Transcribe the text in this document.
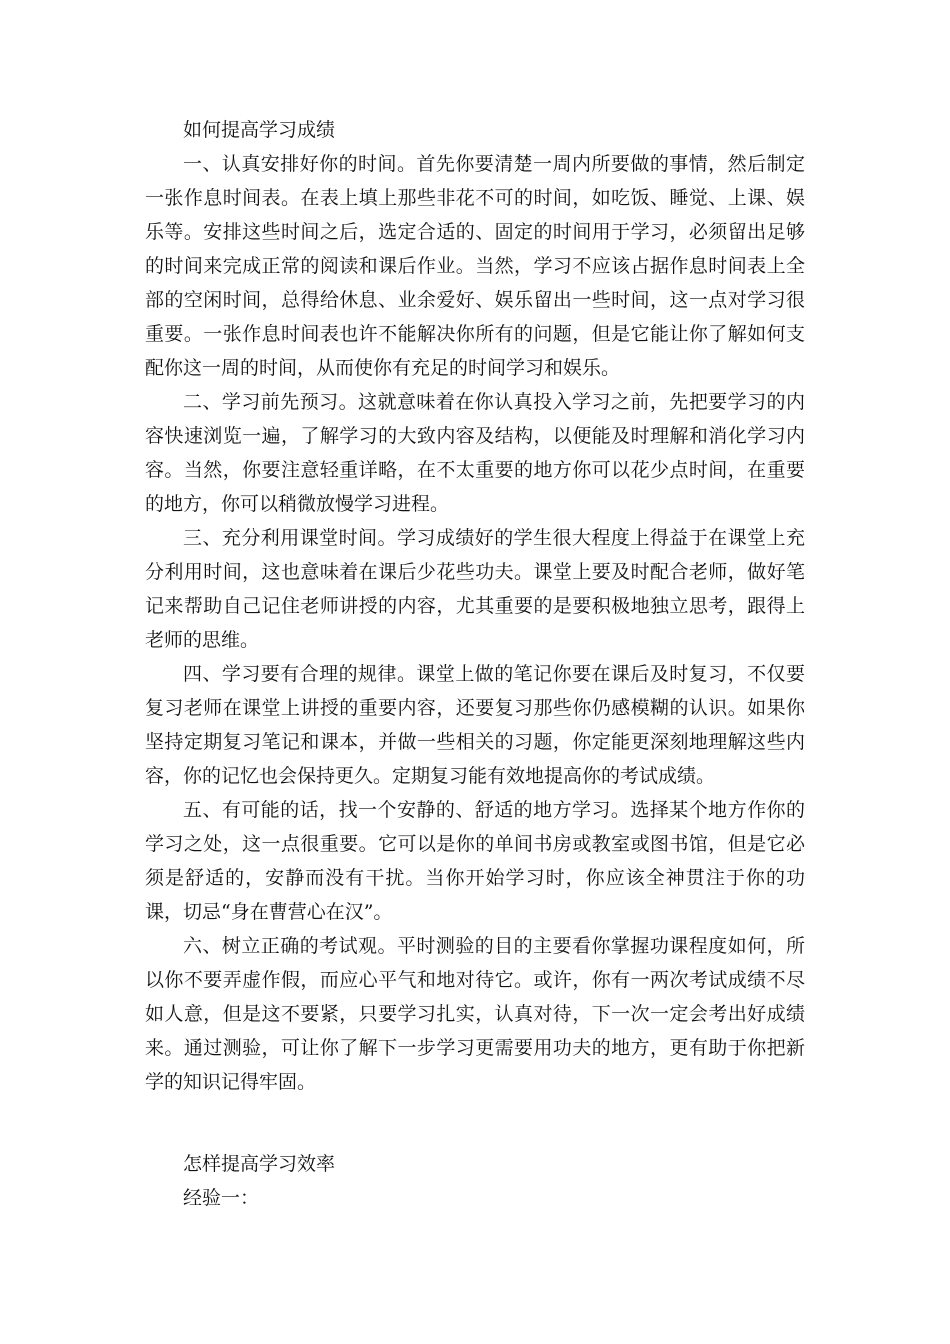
如何提高学习成绩

一、认真安排好你的时间。首先你要清楚一周内所要做的事情，然后制定一张作息时间表。在表上填上那些非花不可的时间，如吃饭、睡觉、上课、娱乐等。安排这些时间之后，选定合适的、固定的时间用于学习，必须留出足够的时间来完成正常的阅读和课后作业。当然，学习不应该占据作息时间表上全部的空闲时间，总得给休息、业余爱好、娱乐留出一些时间，这一点对学习很重要。一张作息时间表也许不能解决你所有的问题，但是它能让你了解如何支配你这一周的时间，从而使你有充足的时间学习和娱乐。

二、学习前先预习。这就意味着在你认真投入学习之前，先把要学习的内容快速浏览一遍，了解学习的大致内容及结构，以便能及时理解和消化学习内容。当然，你要注意轻重详略，在不太重要的地方你可以花少点时间，在重要的地方，你可以稍微放慢学习进程。

三、充分利用课堂时间。学习成绩好的学生很大程度上得益于在课堂上充分利用时间，这也意味着在课后少花些功夫。课堂上要及时配合老师，做好笔记来帮助自己记住老师讲授的内容，尤其重要的是要积极地独立思考，跟得上老师的思维。

四、学习要有合理的规律。课堂上做的笔记你要在课后及时复习，不仅要复习老师在课堂上讲授的重要内容，还要复习那些你仍感模糊的认识。如果你坚持定期复习笔记和课本，并做一些相关的习题，你定能更深刻地理解这些内容，你的记忆也会保持更久。定期复习能有效地提高你的考试成绩。

五、有可能的话，找一个安静的、舒适的地方学习。选择某个地方作你的学习之处，这一点很重要。它可以是你的单间书房或教室或图书馆，但是它必须是舒适的，安静而没有干扰。当你开始学习时，你应该全神贯注于你的功课，切忌“身在曹营心在汉”。

六、树立正确的考试观。平时测验的目的主要看你掌握功课程度如何，所以你不要弄虚作假，而应心平气和地对待它。或许，你有一两次考试成绩不尽如人意，但是这不要紧，只要学习扎实，认真对待，下一次一定会考出好成绩来。通过测验，可让你了解下一步学习更需要用功夫的地方，更有助于你把新学的知识记得牢固。

怎样提高学习效率

经验一：
